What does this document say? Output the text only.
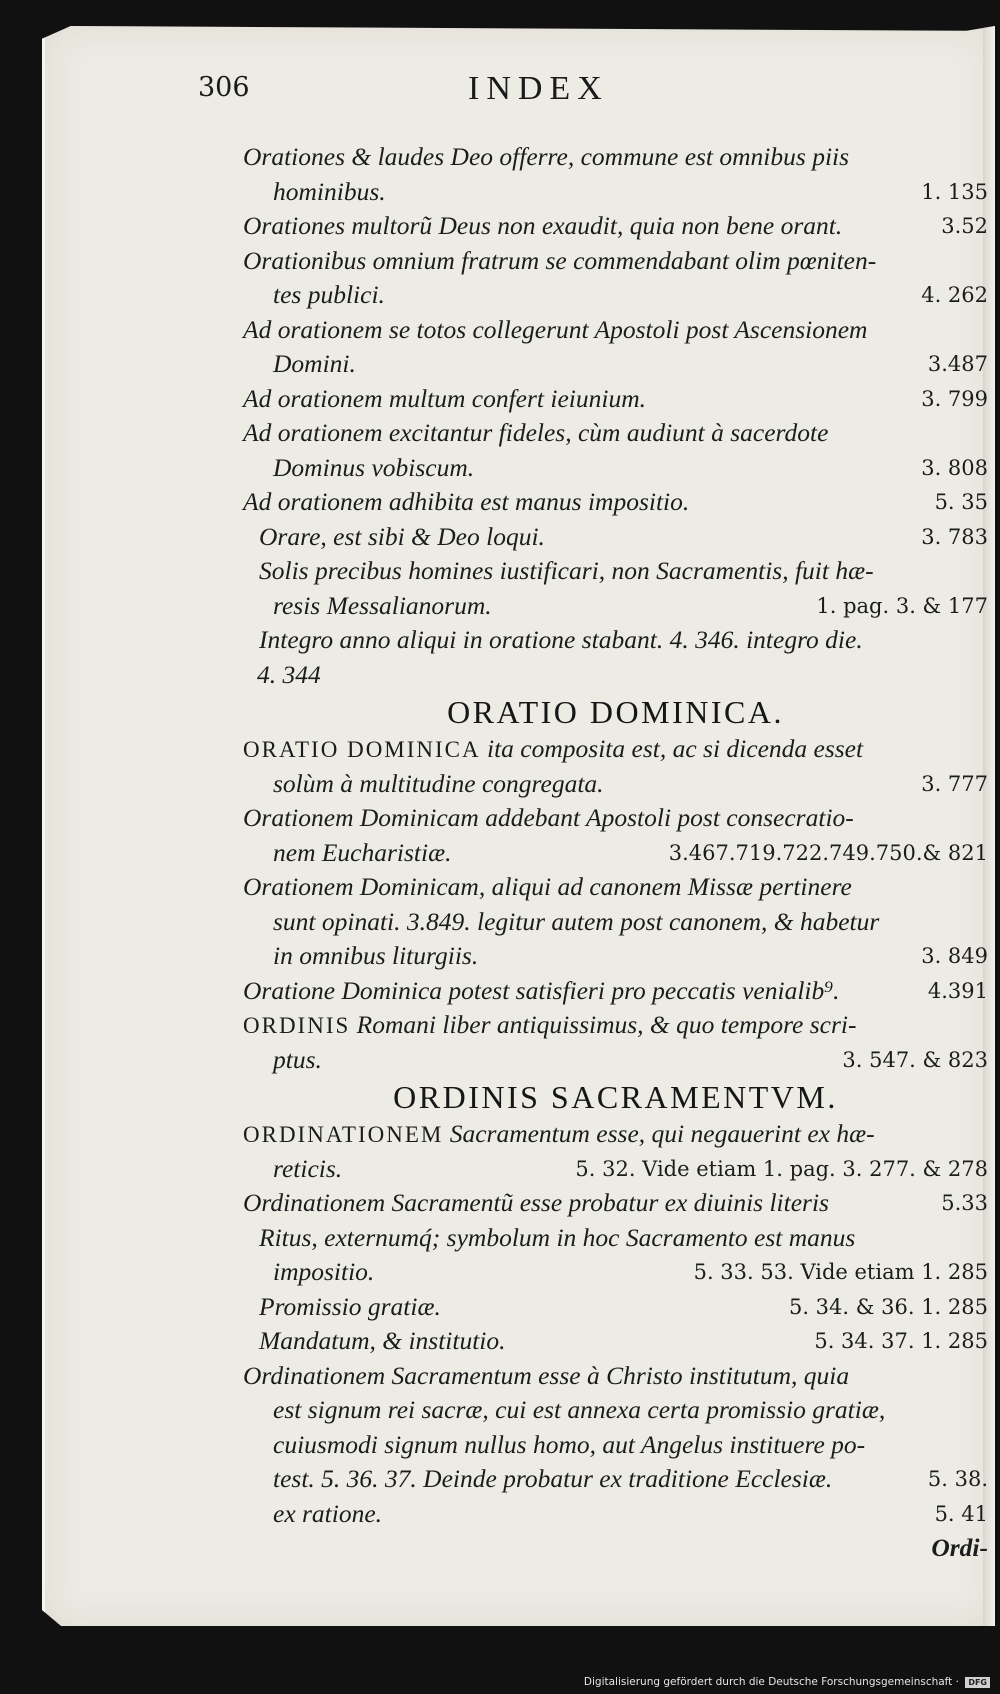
306	INDEX
Orationes & laudes Deo offerre, commune est omnibus piis
hominibus.	1. 135
Orationes multorũ Deus non exaudit, quia non bene orant.	3.52
Orationibus omnium fratrum se commendabant olim pœniten-
tes publici.	4. 262
Ad orationem se totos collegerunt Apostoli post Ascensionem
Domini.	3.487
Ad orationem multum confert ieiunium.	3. 799
Ad orationem excitantur fideles, cùm audiunt à sacerdote
Dominus vobiscum.	3. 808
Ad orationem adhibita est manus impositio.	5. 35
Orare, est sibi & Deo loqui.	3. 783
Solis precibus homines iustificari, non Sacramentis, fuit hæ-
resis Messalianorum.	1. pag. 3. & 177
Integro anno aliqui in oratione stabant. 4. 346. integro die.
4. 344
ORATIO DOMINICA.
ORATIO DOMINICA ita composita est, ac si dicenda esset
solùm à multitudine congregata.	3. 777
Orationem Dominicam addebant Apostoli post consecratio-
nem Eucharistiæ.	3.467.719.722.749.750.& 821
Orationem Dominicam, aliqui ad canonem Missæ pertinere
sunt opinati. 3.849. legitur autem post canonem, & habetur
in omnibus liturgiis.	3. 849
Oratione Dominica potest satisfieri pro peccatis venialib⁹.	4.391
ORDINIS Romani liber antiquissimus, & quo tempore scri-
ptus.	3. 547. & 823
ORDINIS SACRAMENTVM.
ORDINATIONEM Sacramentum esse, qui negauerint ex hæ-
reticis.	5. 32. Vide etiam 1. pag. 3. 277. & 278
Ordinationem Sacramentũ esse probatur ex diuinis literis	5.33
Ritus, externumq́; symbolum in hoc Sacramento est manus
impositio.	5. 33. 53. Vide etiam 1. 285
Promissio gratiæ.	5. 34. & 36. 1. 285
Mandatum, & institutio.	5. 34. 37. 1. 285
Ordinationem Sacramentum esse à Christo institutum, quia
est signum rei sacræ, cui est annexa certa promissio gratiæ,
cuiusmodi signum nullus homo, aut Angelus instituere po-
test. 5. 36. 37. Deinde probatur ex traditione Ecclesiæ.	5. 38.
ex ratione.	5. 41
Ordi-
Digitalisierung gefördert durch die Deutsche Forschungsgemeinschaft · DFG
